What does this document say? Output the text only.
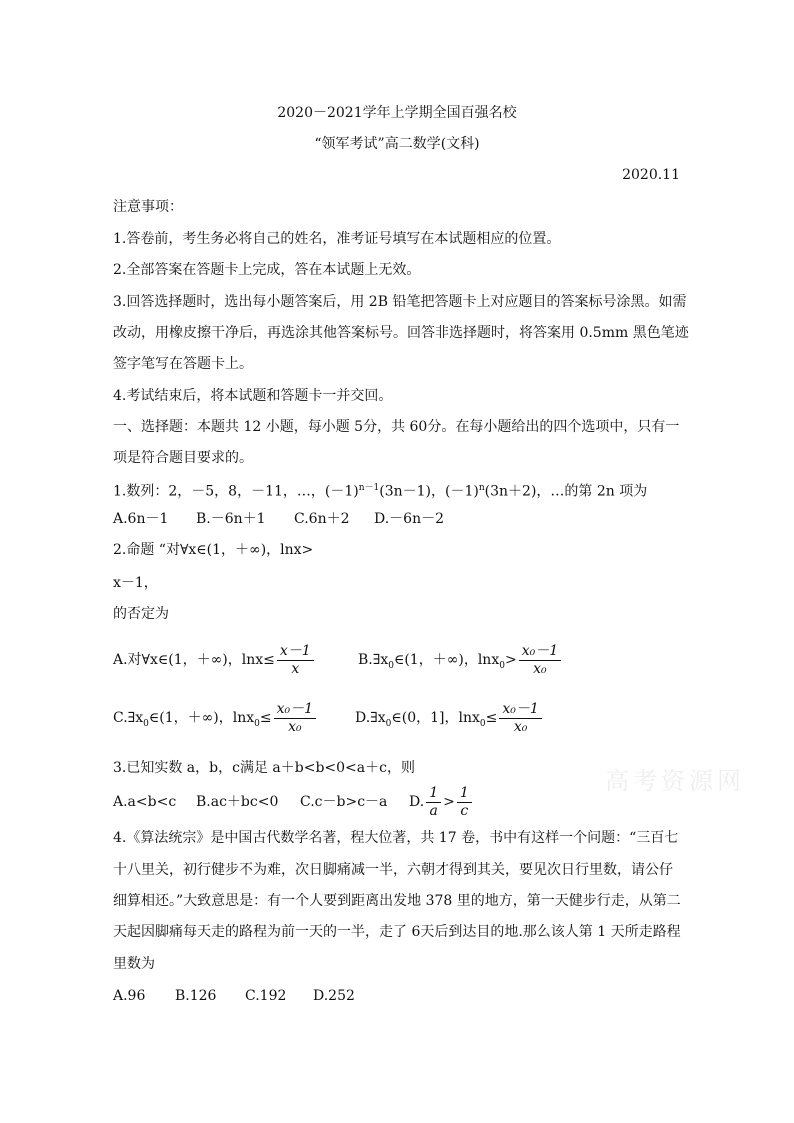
2020－2021学年上学期全国百强名校
“领军考试”高二数学(文科)
2020.11
注意事项：
1.答卷前，考生务必将自己的姓名，准考证号填写在本试题相应的位置。
2.全部答案在答题卡上完成，答在本试题上无效。
3.回答选择题时，选出每小题答案后，用 2B 铅笔把答题卡上对应题目的答案标号涂黑。如需
改动，用橡皮擦干净后，再选涂其他答案标号。回答非选择题时，将答案用 0.5mm 黑色笔迹
签字笔写在答题卡上。
4.考试结束后，将本试题和答题卡一并交回。
一、选择题：本题共 12 小题，每小题 5分，共 60分。在每小题给出的四个选项中，只有一
项是符合题目要求的。
1.数列：2，－5，8，－11，…，$(-1)^{n-1}(3n-1)$，$(-1)^n(3n+2)$，…的第 2n 项为
A.6n－1 B.－6n＋1 C.6n＋2 D.－6n－2
2.命题 “对∀x∈(1，＋∞)，lnx>
x－1，
的否定为
A.对∀x∈(1，＋∞)，$\ln x\le \frac{x-1}{x}$	$B.\exists x_0\in(1$，＋∞)，$\ln x_0> \frac{\text{x₀－1}}{\text{x₀}}$
$C.\exists x_0\in(1$，＋∞)，$\ln x_0\le \frac{\text{x₀－1}}{\text{x₀}}$	$D.\exists x_0\in(0$，1]，$\ln x_0\le \frac{\text{x₀－1}}{\text{x₀}}$
3.已知实数 a，b，c满足 a＋b<b<0<a＋c，则
A.a<b<c B.ac＋bc<0 C.c－b>c－a D. $\frac{1}{a} > \frac{1}{c}$
4.《算法统宗》是中国古代数学名著，程大位著，共 17 卷，书中有这样一个问题：“三百七
十八里关，初行健步不为难，次日脚痛减一半，六朝才得到其关，要见次日行里数，请公仔
细算相还。”大致意思是：有一个人要到距离出发地 378 里的地方，第一天健步行走，从第二
天起因脚痛每天走的路程为前一天的一半，走了 6天后到达目的地.那么该人第 1 天所走路程
里数为
A.96 B.126 C.192 D.252
高考资源网
